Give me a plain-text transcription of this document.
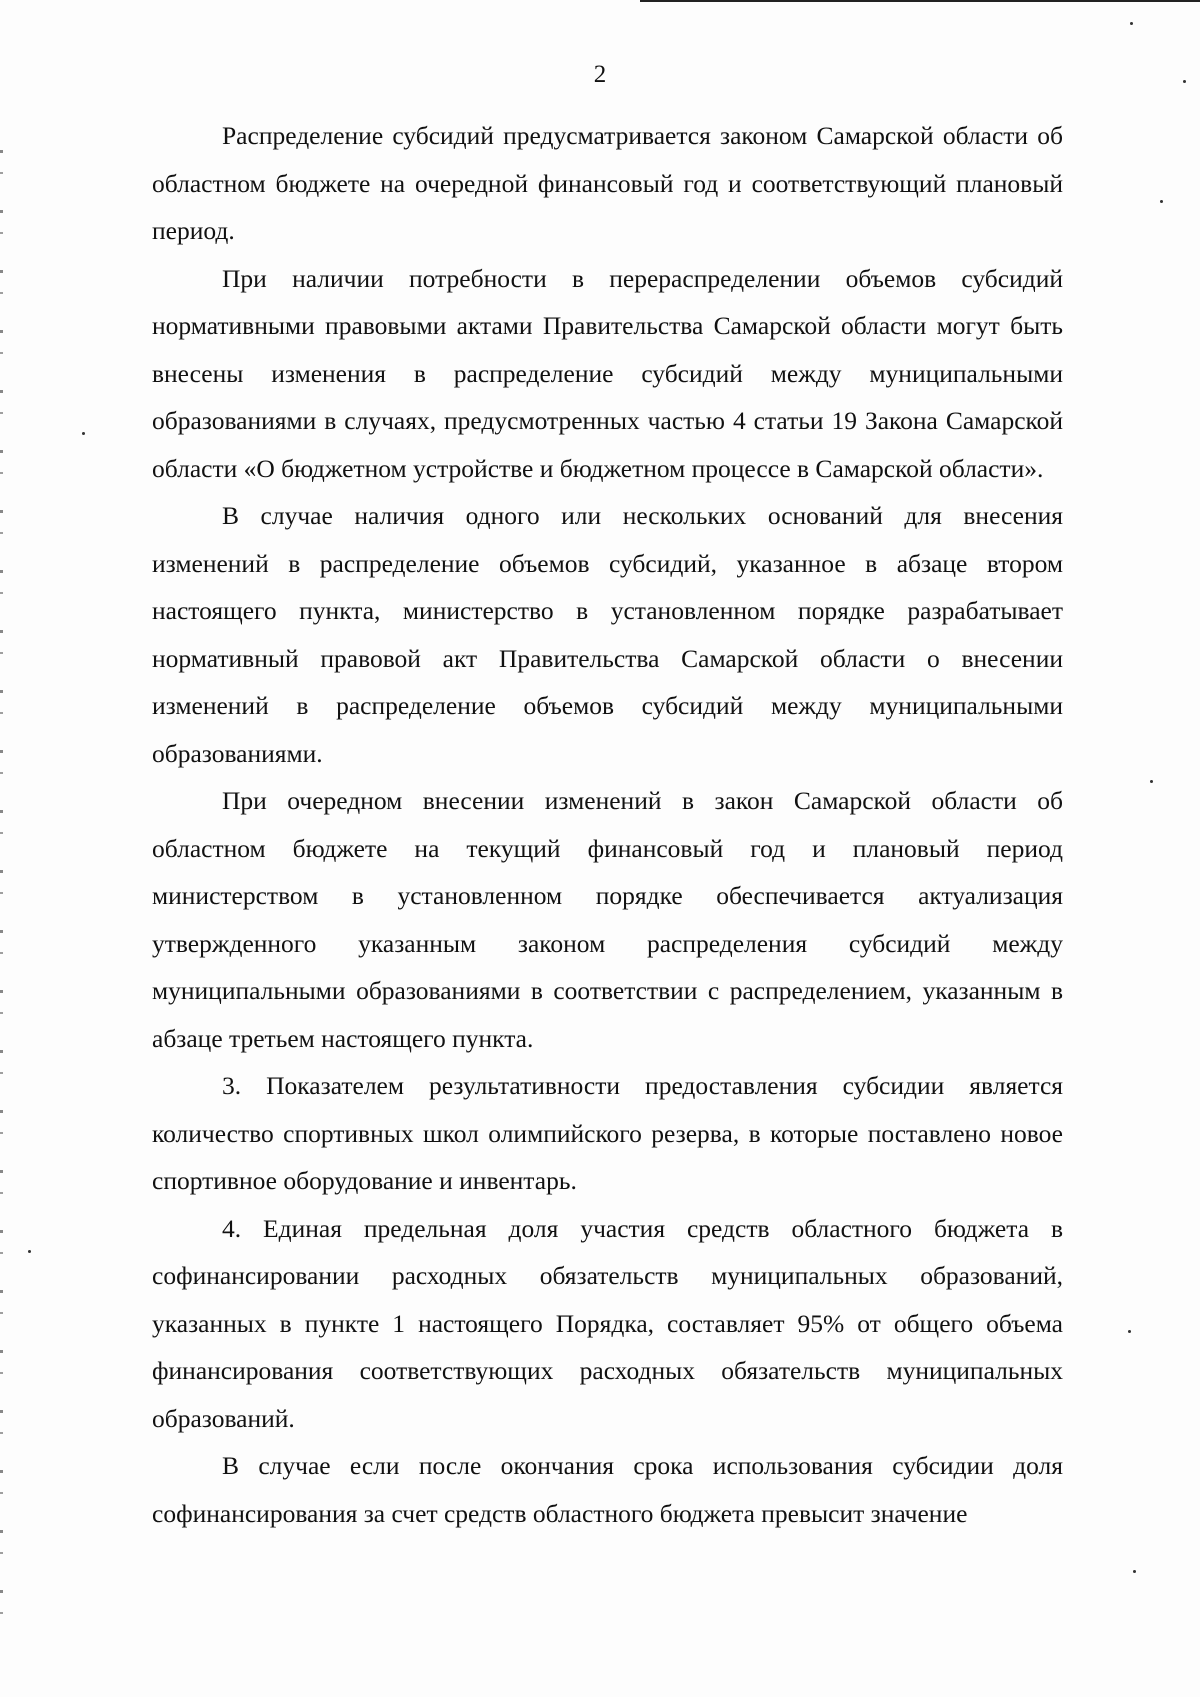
2

Распределение субсидий предусматривается законом Самарской области об областном бюджете на очередной финансовый год и соответствующий плановый период.

При наличии потребности в перераспределении объемов субсидий нормативными правовыми актами Правительства Самарской области могут быть внесены изменения в распределение субсидий между муниципальными образованиями в случаях, предусмотренных частью 4 статьи 19 Закона Самарской области «О бюджетном устройстве и бюджетном процессе в Самарской области».

В случае наличия одного или нескольких оснований для внесения изменений в распределение объемов субсидий, указанное в абзаце втором настоящего пункта, министерство в установленном порядке разрабатывает нормативный правовой акт Правительства Самарской области о внесении изменений в распределение объемов субсидий между муниципальными образованиями.

При очередном внесении изменений в закон Самарской области об областном бюджете на текущий финансовый год и плановый период министерством в установленном порядке обеспечивается актуализация утвержденного указанным законом распределения субсидий между муниципальными образованиями в соответствии с распределением, указанным в абзаце третьем настоящего пункта.

3. Показателем результативности предоставления субсидии является количество спортивных школ олимпийского резерва, в которые поставлено новое спортивное оборудование и инвентарь.

4. Единая предельная доля участия средств областного бюджета в софинансировании расходных обязательств муниципальных образований, указанных в пункте 1 настоящего Порядка, составляет 95% от общего объема финансирования соответствующих расходных обязательств муниципальных образований.

В случае если после окончания срока использования субсидии доля софинансирования за счет средств областного бюджета превысит значение
